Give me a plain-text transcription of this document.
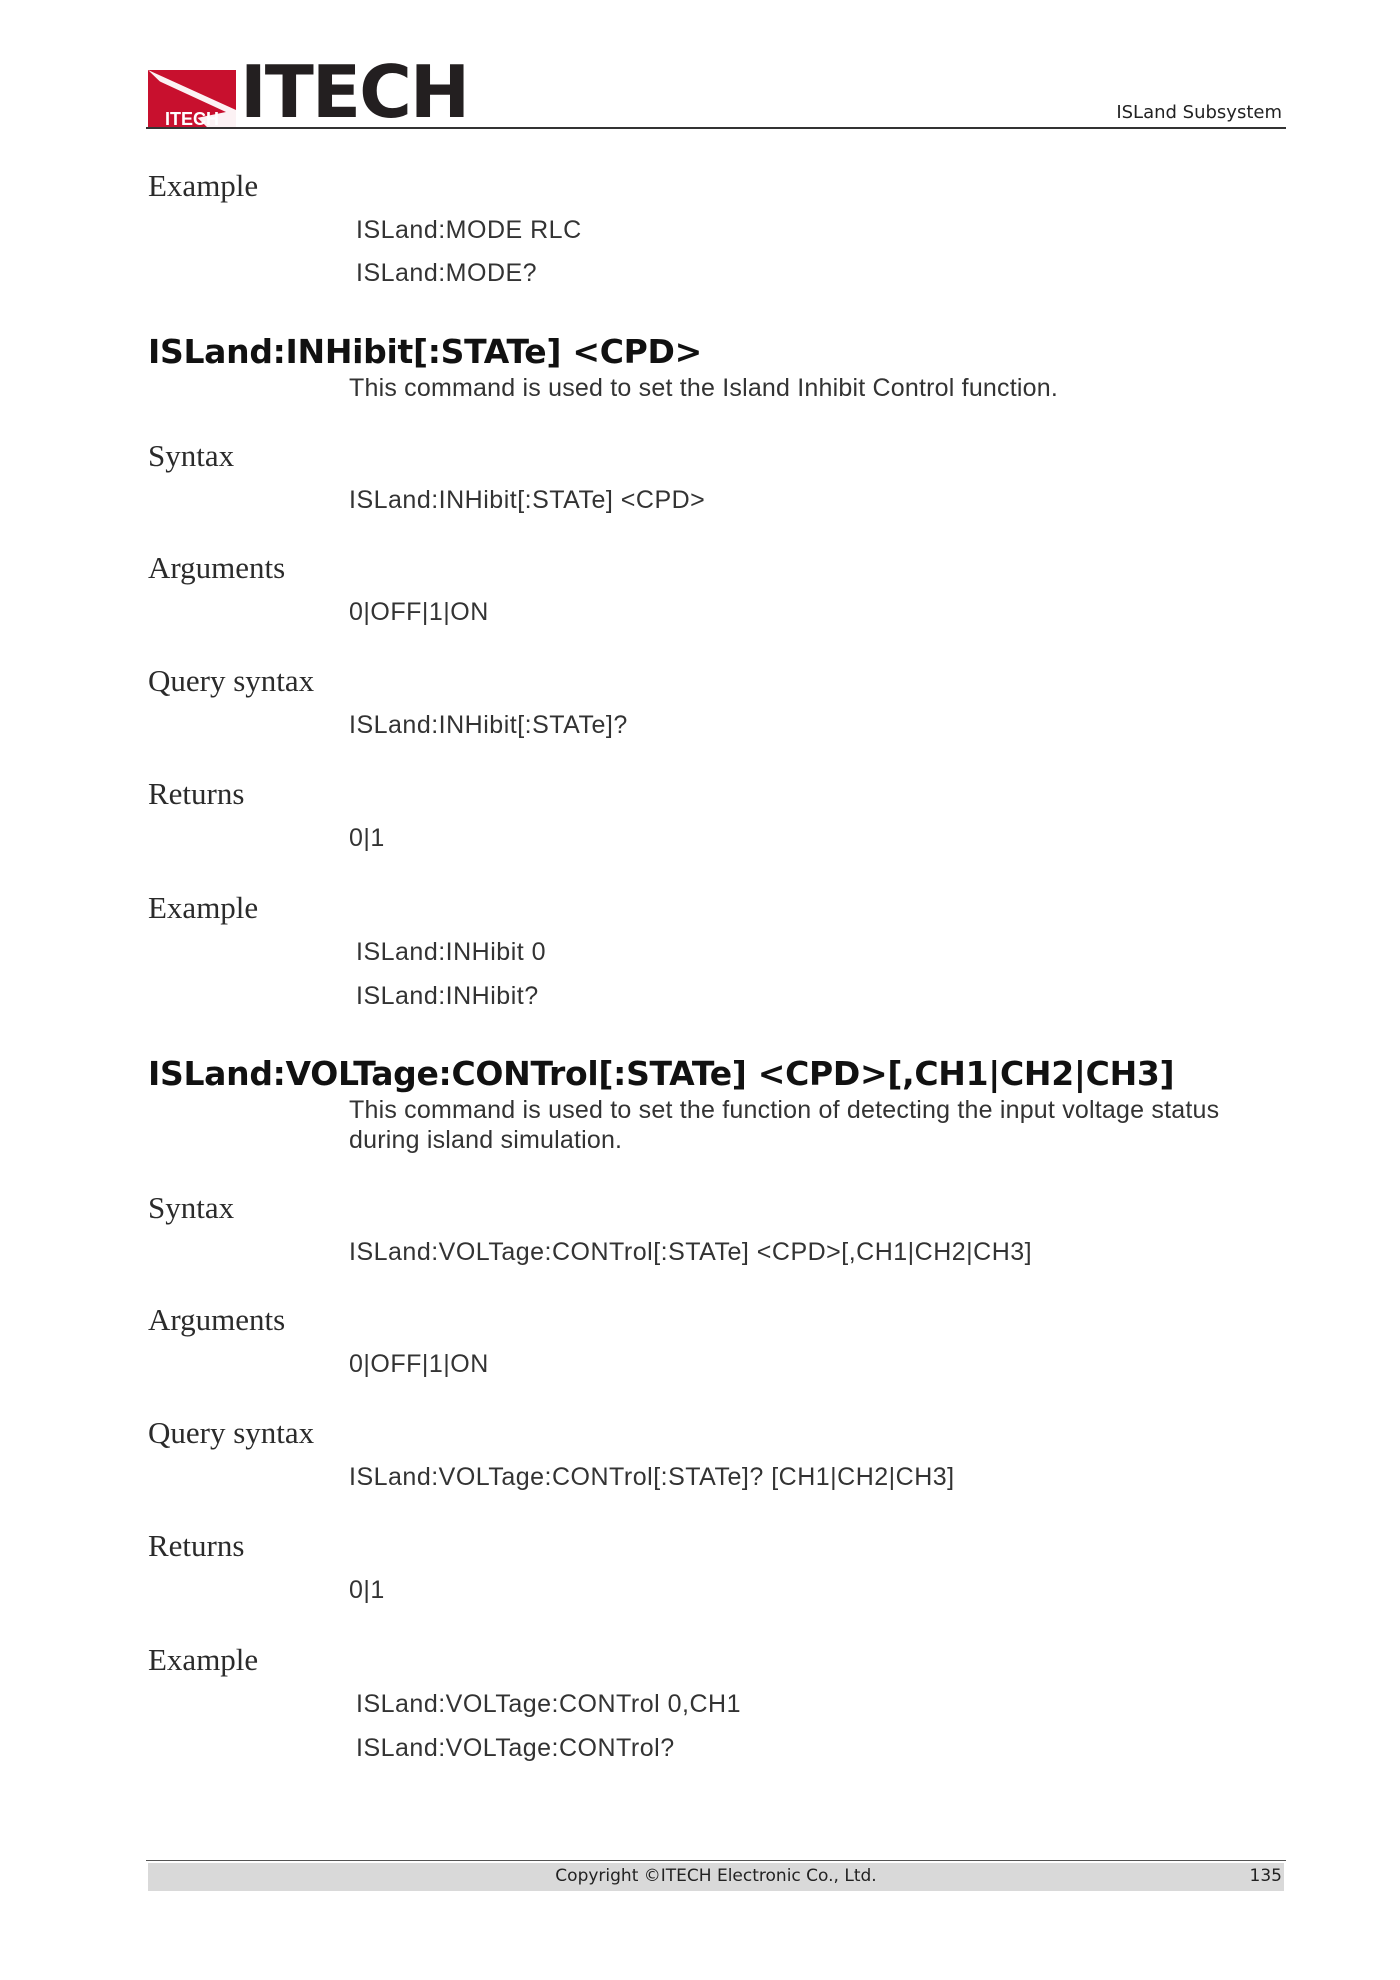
ITECH ITECH	ISLand Subsystem
Example
ISLand:MODE RLC
ISLand:MODE?
ISLand:INHibit[:STATe] <CPD>
This command is used to set the Island Inhibit Control function.
Syntax
ISLand:INHibit[:STATe] <CPD>
Arguments
0|OFF|1|ON
Query syntax
ISLand:INHibit[:STATe]?
Returns
0|1
Example
ISLand:INHibit 0
ISLand:INHibit?
ISLand:VOLTage:CONTrol[:STATe] <CPD>[,CH1|CH2|CH3]
This command is used to set the function of detecting the input voltage status
during island simulation.
Syntax
ISLand:VOLTage:CONTrol[:STATe] <CPD>[,CH1|CH2|CH3]
Arguments
0|OFF|1|ON
Query syntax
ISLand:VOLTage:CONTrol[:STATe]? [CH1|CH2|CH3]
Returns
0|1
Example
ISLand:VOLTage:CONTrol 0,CH1
ISLand:VOLTage:CONTrol?
Copyright ©ITECH Electronic Co., Ltd.	135
